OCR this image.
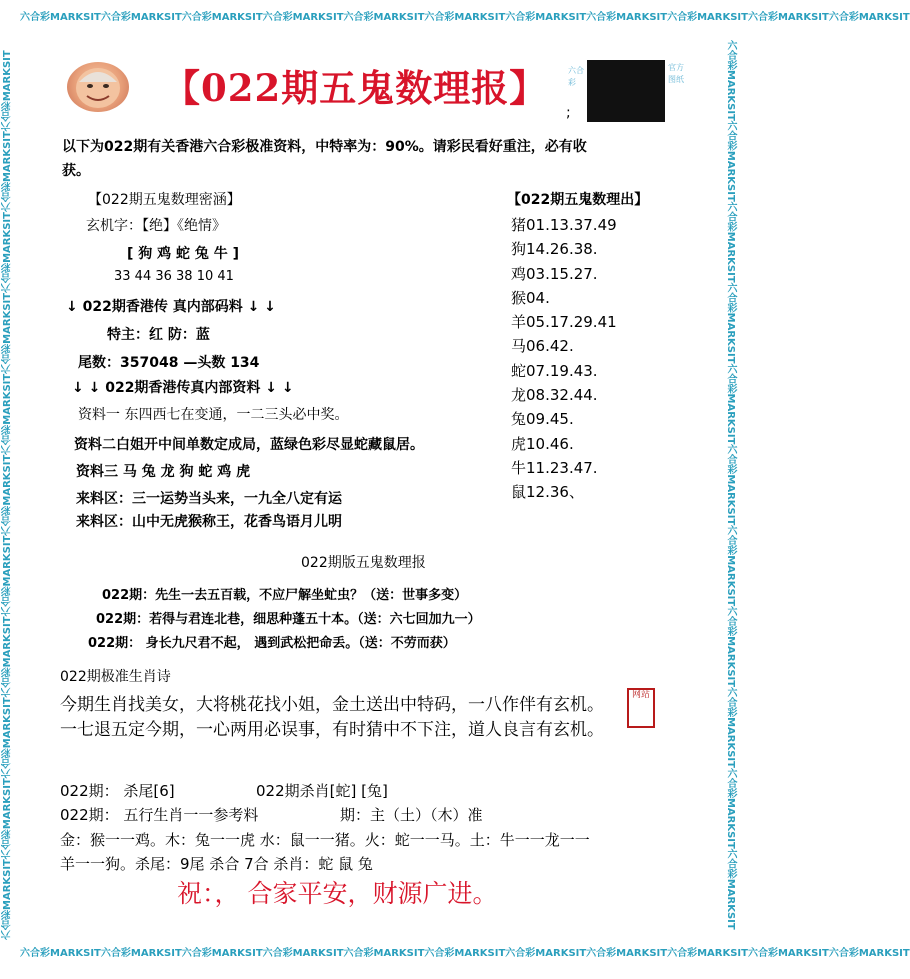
六合彩MARKSIT六合彩MARKSIT六合彩MARKSIT六合彩MARKSIT六合彩MARKSIT六合彩MARKSIT六合彩MARKSIT六合彩MARKSIT六合彩MARKSIT六合彩MARKSIT六合彩MARKSIT
六合彩MARKSIT六合彩MARKSIT六合彩MARKSIT六合彩MARKSIT六合彩MARKSIT六合彩MARKSIT六合彩MARKSIT六合彩MARKSIT六合彩MARKSIT六合彩MARKSIT六合彩MARKSIT
六合彩MARKSIT六合彩MARKSIT六合彩MARKSIT六合彩MARKSIT六合彩MARKSIT六合彩MARKSIT六合彩MARKSIT六合彩MARKSIT六合彩MARKSIT六合彩MARKSIT六合彩MARKSIT	六合彩MARKSIT六合彩MARKSIT六合彩MARKSIT六合彩MARKSIT六合彩MARKSIT六合彩MARKSIT六合彩MARKSIT六合彩MARKSIT六合彩MARKSIT六合彩MARKSIT六合彩MARKSIT
【022期五鬼数理报】	六合彩
官方图纸
;
以下为022期有关香港六合彩极准资料，中特率为：90%。请彩民看好重注，必有收
获。
【022期五鬼数理密涵】
玄机字：【绝】《绝情》
[ 狗 鸡 蛇 兔 牛 ]
33 44 36 38 10 41
↓ 022期香港传 真内部码料 ↓ ↓
特主：红 防：蓝
尾数：357048 —头数 134
↓ ↓ 022期香港传真内部资料 ↓ ↓
资料一 东四西七在变通，一二三头必中奖。
资料二白姐开中间单数定成局，蓝绿色彩尽显蛇藏鼠居。
资料三 马 兔 龙 狗 蛇 鸡 虎
来料区：三一运势当头来，一九全八定有运
来料区：山中无虎猴称王，花香鸟语月儿明
【022期五鬼数理出】
猪01.13.37.49
狗14.26.38.
鸡03.15.27.
猴04.
羊05.17.29.41
马06.42.
蛇07.19.43.
龙08.32.44.
兔09.45.
虎10.46.
牛11.23.47.
鼠12.36、
022期版五鬼数理报
022期：先生一去五百载，不应尸解坐虻虫？（送：世事多变）
022期：若得与君连北巷，细思种蓬五十本。（送：六七回加九一）
022期： 身长九尺君不起， 遇到武松把命丢。（送：不劳而获）
022期极准生肖诗
今期生肖找美女，大将桃花找小姐，金土送出中特码，一八作伴有玄机。
一七退五定今期，一心两用必误事，有时猜中不下注，道人良言有玄机。
网站
022期： 杀尾[6]	022期杀肖[蛇] [兔]
022期： 五行生肖一一参考料	期：主（土）（木）准
金：猴一一鸡。木：兔一一虎 水：鼠一一猪。火：蛇一一马。土：牛一一龙一一
羊一一狗。杀尾：9尾 杀合 7合 杀肖：蛇 鼠 兔
祝：， 合家平安，财源广进。
